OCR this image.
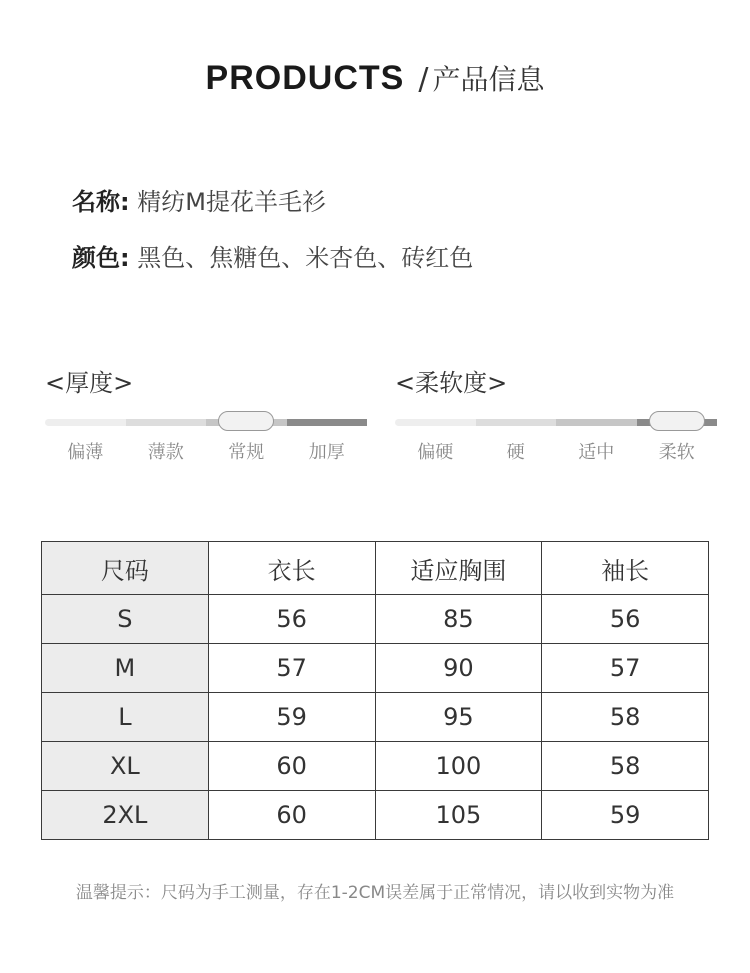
PRODUCTS / 产品信息
名称: 精纺M提花羊毛衫
颜色: 黑色、焦糖色、米杏色、砖红色
<厚度>
偏薄	薄款	常规	加厚
<柔软度>
偏硬	硬	适中	柔软
尺码	衣长	适应胸围	袖长
S	56	85	56
M	57	90	57
L	59	95	58
XL	60	100	58
2XL	60	105	59
温馨提示：尺码为手工测量，存在1-2CM误差属于正常情况，请以收到实物为准
